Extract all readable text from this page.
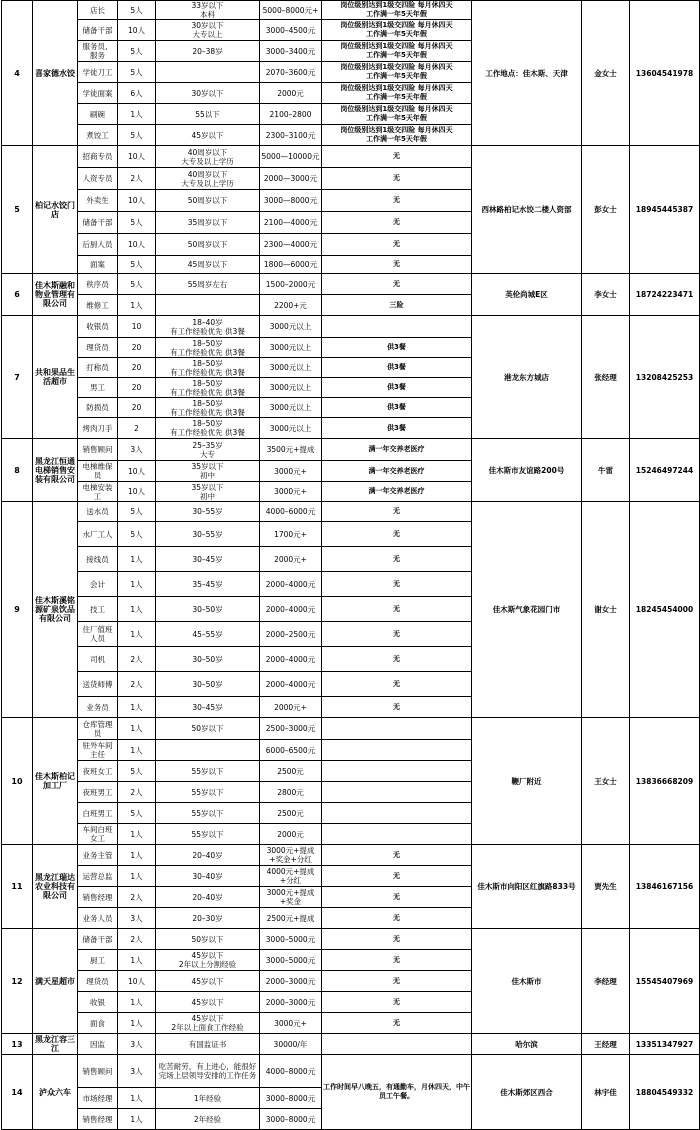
4	喜家德水饺	店长	5人	33岁以下
本科	5000–8000元+	岗位级别达到1级交四险 每月休四天
工作满一年5天年假	工作地点：佳木斯、天津	金女士	13604541978
		储备干部	10人	30岁以下
大专以上	3000–4500元	岗位级别达到1级交四险 每月休四天
工作满一年5天年假			
		服务员、服务	5人	20–38岁	3000–3400元	岗位级别达到1级交四险 每月休四天
工作满一年5天年假			
		学徒刀工	5人		2070–3600元	岗位级别达到1级交四险 每月休四天
工作满一年5天年假			
		学徒面案	6人	30岁以下	2000元	岗位级别达到1级交四险 每月休四天
工作满一年5天年假			
		刷碗	1人	55以下	2100–2800	岗位级别达到1级交四险 每月休四天
工作满一年5天年假			
		煮饺工	5人	45岁以下	2300–3100元	岗位级别达到1级交四险 每月休四天
工作满一年5天年假			
5	柏记水饺门店	招商专员	10人	40周岁以下
大专及以上学历	5000—10000元	无	西林路柏记水饺二楼人资部	彭女士	18945445387
		人资专员	2人	40周岁以下
大专及以上学历	2000—3000元	无			
		外卖生	10人	50周岁以下	3000—8000元	无			
		储备干部	5人	35周岁以下	2100—4000元	无			
		后厨人员	10人	50周岁以下	2300—4000元	无			
		面案	5人	45周岁以下	1800—6000元	无			
6	佳木斯融和物业管理有限公司	秩序员	5人	55周岁左右	1500–2000元	无	英伦尚城E区	李女士	18724223471
		维修工	1人		2200+元	三险			
7	共和果品生活超市	收银员	10	18–40岁
有工作经验优先 供3餐	3000元以上		港龙东方城店	张经理	13208425253
		理货员	20	18–50岁
有工作经验优先 供3餐	3000元以上	供3餐			
		打称员	20	18–50岁
有工作经验优先 供3餐	3000元以上	供3餐			
		男工	20	18–50岁
有工作经验优先 供3餐	3000元以上	供3餐			
		防损员	20	18–50岁
有工作经验优先 供3餐	3000元以上	供3餐			
		烤肉刀手	2	18–50岁
有工作经验优先 供3餐	3000元以上	供3餐			
8	黑龙江恒通电梯销售安装有限公司	销售顾问	3人	25–35岁
大专	3500元+提成	满一年交养老医疗	佳木斯市友谊路200号	牛雷	15246497244
		电梯维保员	10人	35岁以下
初中	3000元+	满一年交养老医疗			
		电梯安装工	10人	35岁以下
初中	3000元+	满一年交养老医疗			
9	佳木斯溪铭源矿泉饮品有限公司	送水员	5人	30–55岁	4000–6000元	无	佳木斯气象花园门市	谢女士	18245454000
		水厂工人	5人	30–55岁	1700元+	无			
		接线员	1人	30–45岁	2000元+	无			
		会计	1人	35–45岁	2000–4000元	无			
		技工	1人	30–50岁	2000–4000元	无			
		住厂值班人员	1人	45–55岁	2000–2500元	无			
		司机	2人	30–50岁	2000–4000元	无			
		送货师傅	2人	30–50岁	2000–4000元	无			
		业务员	1人	30–45岁	2000元+	无			
10	佳木斯柏记加工厂	仓库管理员	1人	50岁以下	2500–3000元		鞭厂附近	王女士	13836668209
		驻外车间主任	1人		6000–6500元				
		夜班女工	5人	55岁以下	2500元				
		夜班男工	2人	55岁以下	2800元				
		白班男工	5人	55岁以下	2500元				
		车间白班女工	1人	55岁以下	2000元				
11	黑龙江瑞达农业科技有限公司	业务主管	1人	20–40岁	3000元+提成+奖金+分红	无	佳木斯市向阳区红旗路833号	贾先生	13846167156
		运营总监	1人	30–40岁	4000元+提成+分红	无			
		销售经理	2人	20–40岁	3000元+提成+奖金	无			
		业务人员	3人	20–30岁	2500元+提成	无			
12	满天星超市	储备干部	2人	50岁以下	3000–5000元	无	佳木斯市	李经理	15545407969
		厨工	1人	45岁以下
2年以上分割经验	3000–5000元	无			
		理货员	10人	45岁以下	2000–3000元	无			
		收银	1人	45岁以下	2000–3000元	无			
		面食	1人	45岁以下
2年以上面食工作经验	3000元+	无			
13	黑龙江容三江	因监	3人	有国监证书	30000/年		哈尔滨	王经理	13351347927
14	泸众六车	销售顾问	3人	吃苦耐劳，有上进心，能很好完场上层领导安排的工作任务	4000–8000元	工作时间早八晚五，有通勤车，月休四天，中午员工午餐。	佳木斯郊区西合	林宇佳	18804549332
		市场经理	1人	1年经验	3000–8000元				
		销售经理	1人	2年经验	3000–8000元				
